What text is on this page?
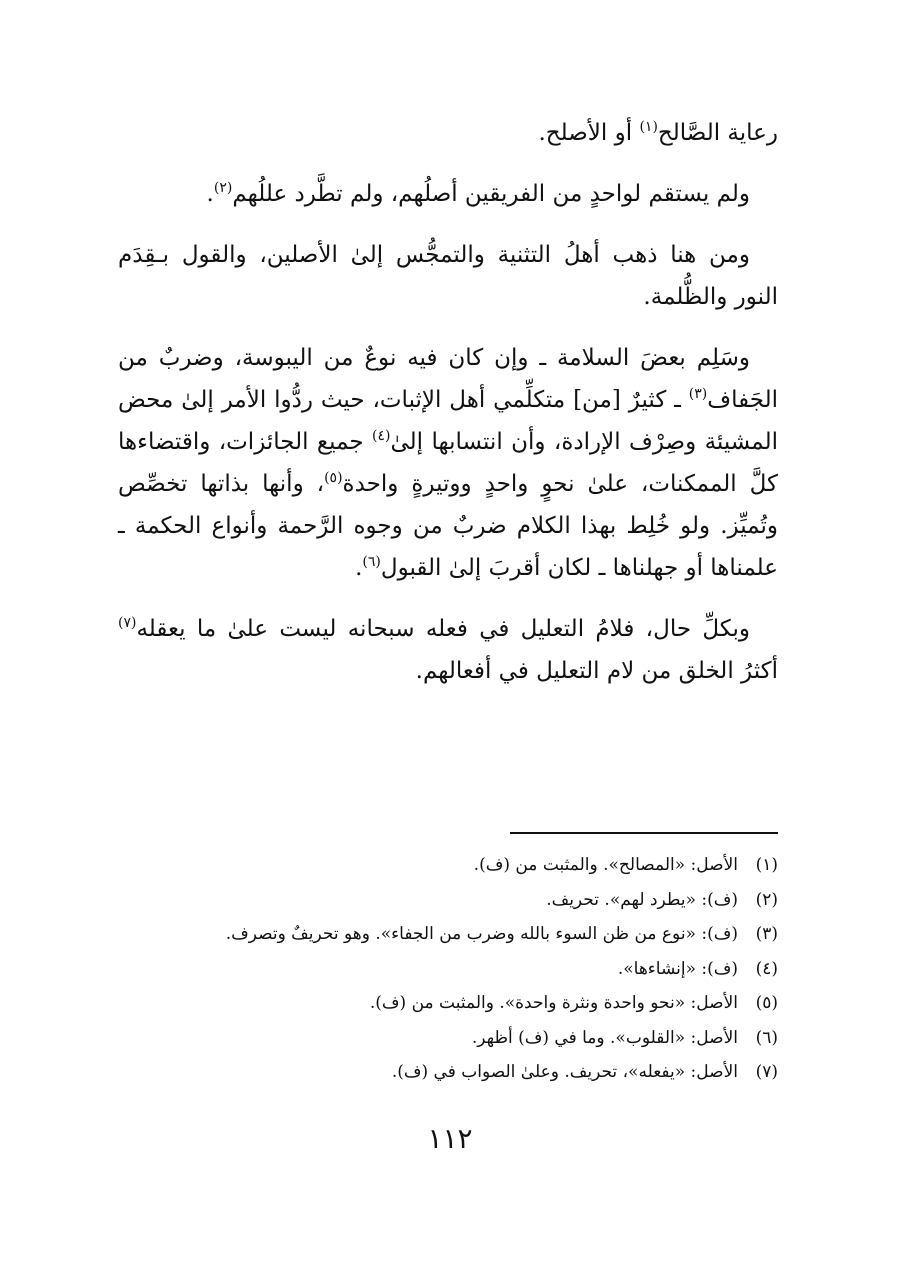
رعاية الصَّالح$^{(١)}$ أو الأصلح.

ولم يستقم لواحدٍ من الفريقين أصلُهم، ولم تطَّرد عللُهم$^{(٢)}$.

ومن هنا ذهب أهلُ التثنية والتمجُّس إلىٰ الأصلين، والقول بـقِدَم النور والظُّلمة.

وسَلِم بعضَ السلامة ـ وإن كان فيه نوعٌ من اليبوسة، وضربٌ من الجَفاف$^{(٣)}$ ـ كثيرٌ [من] متكلِّمي أهل الإثبات، حيث ردُّوا الأمر إلىٰ محض المشيئة وصِرْف الإرادة، وأن انتسابها إلىٰ$^{(٤)}$ جميع الجائزات، واقتضاءها كلَّ الممكنات، علىٰ نحوٍ واحدٍ ووتيرةٍ واحدة$^{(٥)}$، وأنها بذاتها تخصِّص وتُميِّز. ولو خُلِط بهذا الكلام ضربٌ من وجوه الرَّحمة وأنواع الحكمة ـ علمناها أو جهلناها ـ لكان أقربَ إلىٰ القبول$^{(٦)}$.

وبكلِّ حال، فلامُ التعليل في فعله سبحانه ليست علىٰ ما يعقله$^{(٧)}$ أكثرُ الخلق من لام التعليل في أفعالهم.

(١)الأصل: «المصالح». والمثبت من (ف).
(٢)(ف): «يطرد لهم». تحريف.
(٣)(ف): «نوع من ظن السوء بالله وضرب من الجفاء». وهو تحريفٌ وتصرف.
(٤)(ف): «إنشاءها».
(٥)الأصل: «نحو واحدة ونثرة واحدة». والمثبت من (ف).
(٦)الأصل: «القلوب». وما في (ف) أظهر.
(٧)الأصل: «يفعله»، تحريف. وعلىٰ الصواب في (ف).
١١٢
